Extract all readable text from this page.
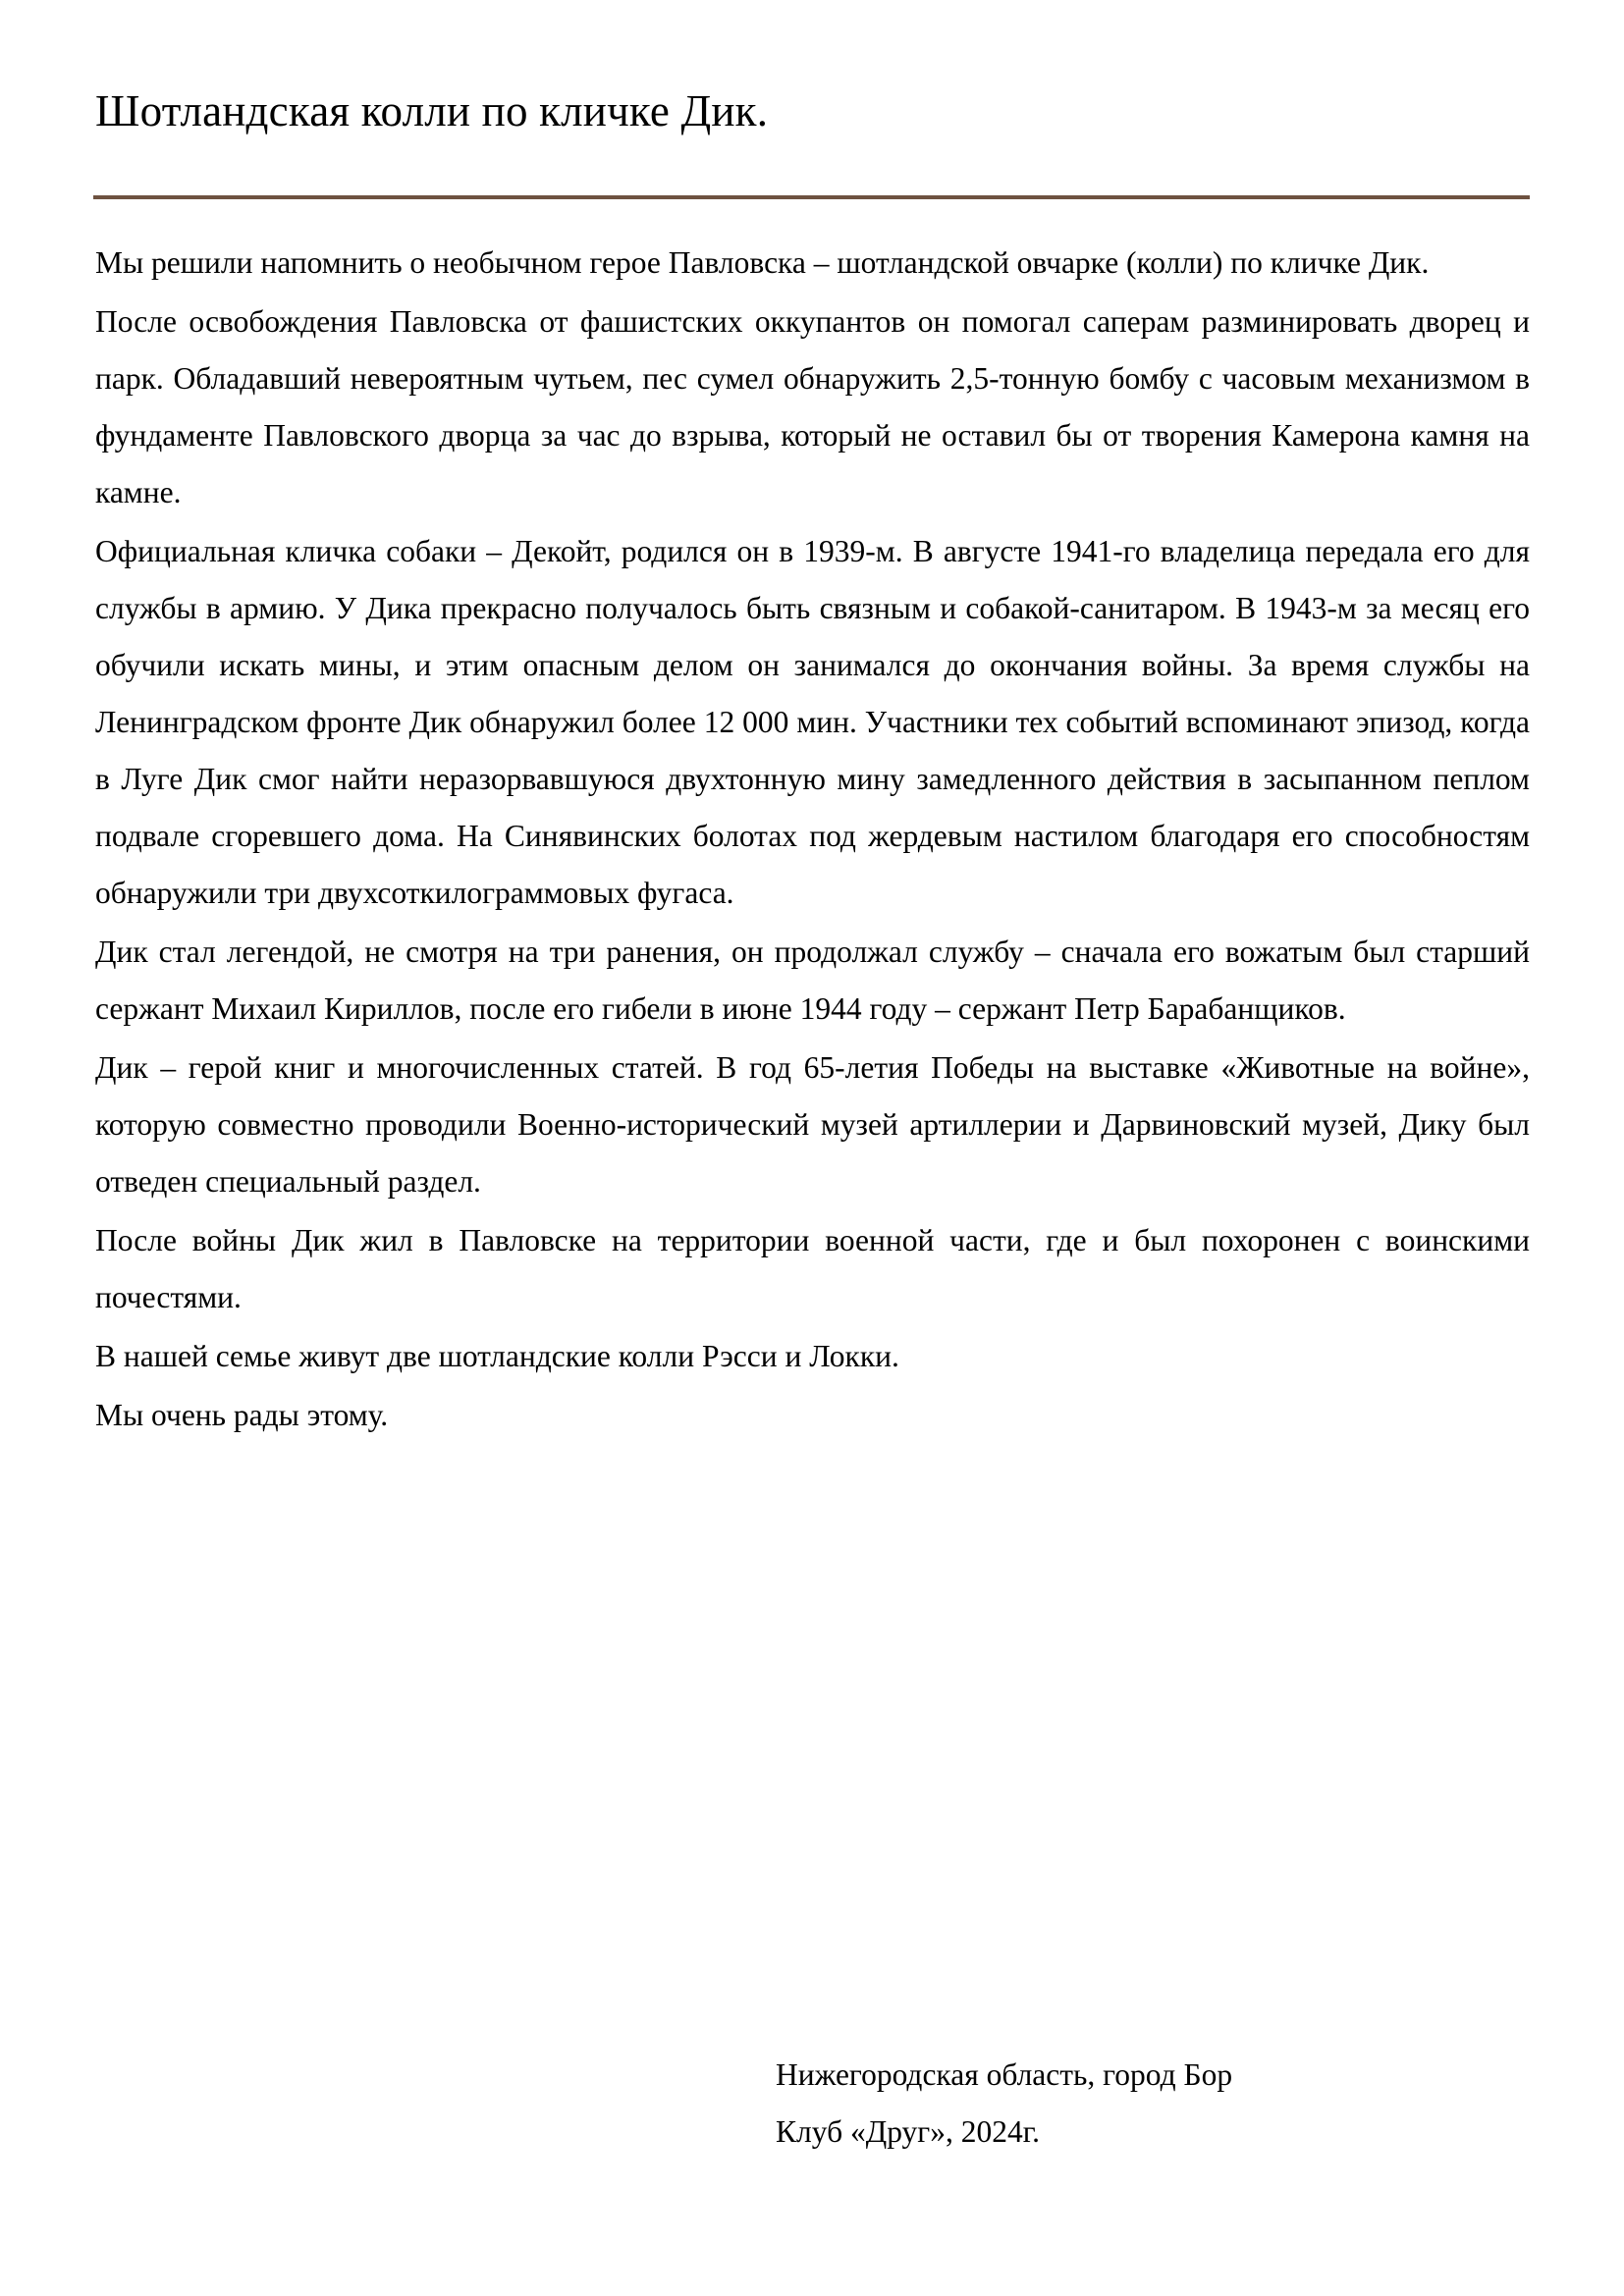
Шотландская колли по кличке Дик.

Мы решили напомнить о необычном герое Павловска – шотландской овчарке (колли) по кличке Дик.

После освобождения Павловска от фашистских оккупантов он помогал саперам разминировать дворец и парк. Обладавший невероятным чутьем, пес сумел обнаружить 2,5-тонную бомбу с часовым механизмом в фундаменте Павловского дворца за час до взрыва, который не оставил бы от творения Камерона камня на камне.

Официальная кличка собаки – Декойт, родился он в 1939-м. В августе 1941-го владелица передала его для службы в армию. У Дика прекрасно получалось быть связным и собакой-санитаром. В 1943-м за месяц его обучили искать мины, и этим опасным делом он занимался до окончания войны. За время службы на Ленинградском фронте Дик обнаружил более 12 000 мин. Участники тех событий вспоминают эпизод, когда в Луге Дик смог найти неразорвавшуюся двухтонную мину замедленного действия в засыпанном пеплом подвале сгоревшего дома. На Синявинских болотах под жердевым настилом благодаря его способностям обнаружили три двухсоткилограммовых фугаса.

Дик стал легендой, не смотря на три ранения, он продолжал службу – сначала его вожатым был старший сержант Михаил Кириллов, после его гибели в июне 1944 году – сержант Петр Барабанщиков.

Дик – герой книг и многочисленных статей. В год 65-летия Победы на выставке «Животные на войне», которую совместно проводили Военно-исторический музей артиллерии и Дарвиновский музей, Дику был отведен специальный раздел.

После войны Дик жил в Павловске на территории военной части, где и был похоронен с воинскими почестями.

В нашей семье живут две шотландские колли Рэсси и Локки.

Мы очень рады этому.

Нижегородская область, город Бор

Клуб «Друг», 2024г.
